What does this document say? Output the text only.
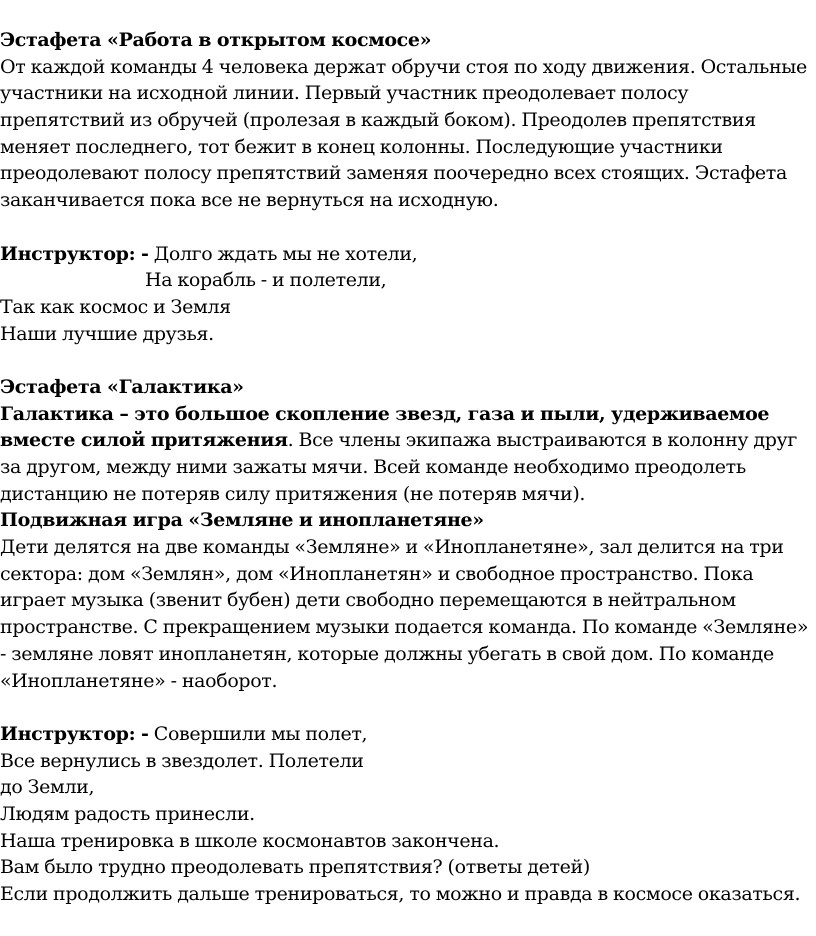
Эстафета «Работа в открытом космосе»
От каждой команды 4 человека держат обручи стоя по ходу движения. Остальные
участники на исходной линии. Первый участник преодолевает полосу
препятствий из обручей (пролезая в каждый боком). Преодолев препятствия
меняет последнего, тот бежит в конец колонны. Последующие участники
преодолевают полосу препятствий заменяя поочередно всех стоящих. Эстафета
заканчивается пока все не вернуться на исходную.
Инструктор: - Долго ждать мы не хотели,
На корабль - и полетели,
Так как космос и Земля
Наши лучшие друзья.
Эстафета «Галактика»
Галактика – это большое скопление звезд, газа и пыли, удерживаемое
вместе силой притяжения. Все члены экипажа выстраиваются в колонну друг
за другом, между ними зажаты мячи. Всей команде необходимо преодолеть
дистанцию не потеряв силу притяжения (не потеряв мячи).
Подвижная игра «Земляне и инопланетяне»
Дети делятся на две команды «Земляне» и «Инопланетяне», зал делится на три
сектора: дом «Землян», дом «Инопланетян» и свободное пространство. Пока
играет музыка (звенит бубен) дети свободно перемещаются в нейтральном
пространстве. С прекращением музыки подается команда. По команде «Земляне»
- земляне ловят инопланетян, которые должны убегать в свой дом. По команде
«Инопланетяне» - наоборот.
Инструктор: - Совершили мы полет,
Все вернулись в звездолет. Полетели
до Земли,
Людям радость принесли.
Наша тренировка в школе космонавтов закончена.
Вам было трудно преодолевать препятствия? (ответы детей)
Если продолжить дальше тренироваться, то можно и правда в космосе оказаться.
